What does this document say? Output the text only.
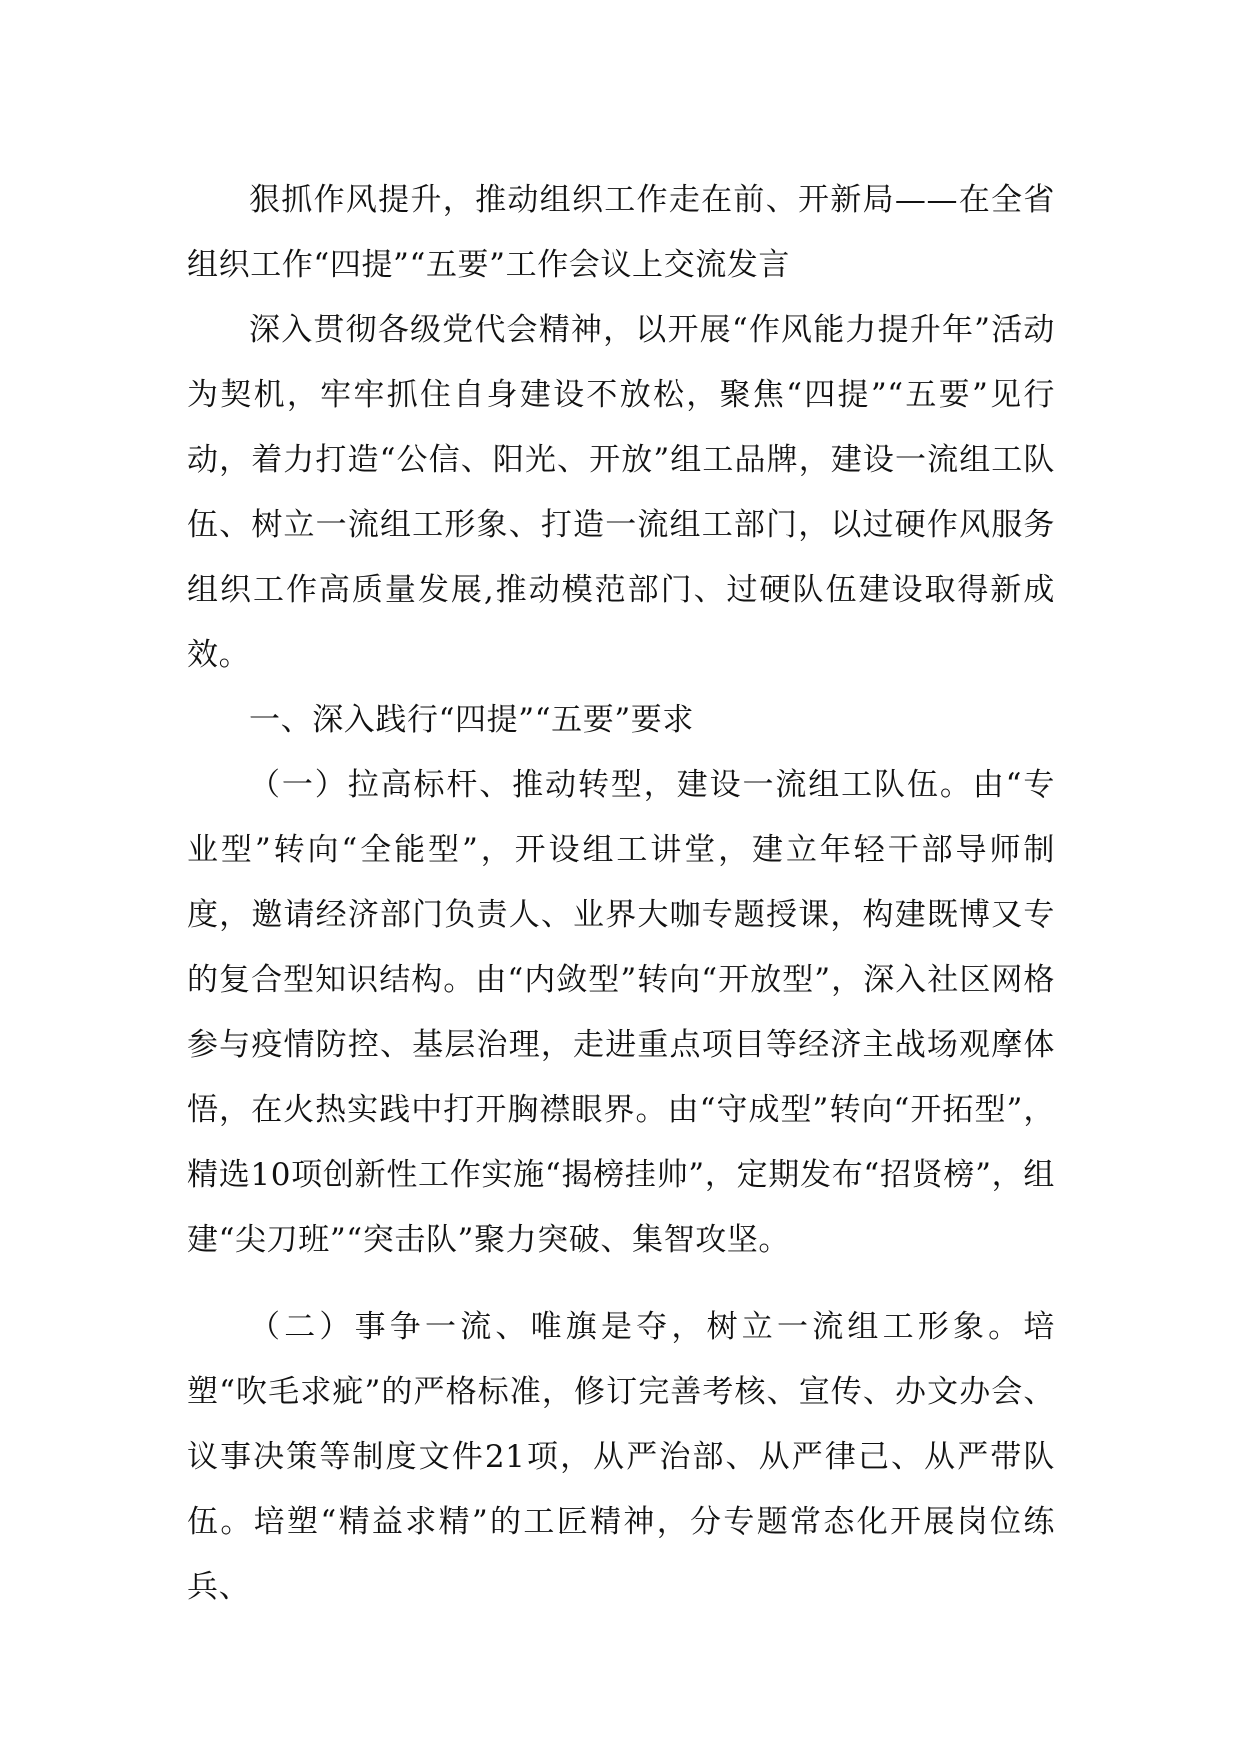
狠抓作风提升，推动组织工作走在前、开新局——在全省组织工作“四提”“五要”工作会议上交流发言

深入贯彻各级党代会精神，以开展“作风能力提升年”活动为契机，牢牢抓住自身建设不放松，聚焦“四提”“五要”见行动，着力打造“公信、阳光、开放”组工品牌，建设一流组工队伍、树立一流组工形象、打造一流组工部门，以过硬作风服务组织工作高质量发展,推动模范部门、过硬队伍建设取得新成效。

一、深入践行“四提”“五要”要求

（一）拉高标杆、推动转型，建设一流组工队伍。由“专业型”转向“全能型”，开设组工讲堂，建立年轻干部导师制度，邀请经济部门负责人、业界大咖专题授课，构建既博又专的复合型知识结构。由“内敛型”转向“开放型”，深入社区网格参与疫情防控、基层治理，走进重点项目等经济主战场观摩体悟，在火热实践中打开胸襟眼界。由“守成型”转向“开拓型”，精选10项创新性工作实施“揭榜挂帅”，定期发布“招贤榜”，组建“尖刀班”“突击队”聚力突破、集智攻坚。

（二）事争一流、唯旗是夺，树立一流组工形象。培塑“吹毛求疵”的严格标准，修订完善考核、宣传、办文办会、议事决策等制度文件21项，从严治部、从严律己、从严带队伍。培塑“精益求精”的工匠精神，分专题常态化开展岗位练兵、
